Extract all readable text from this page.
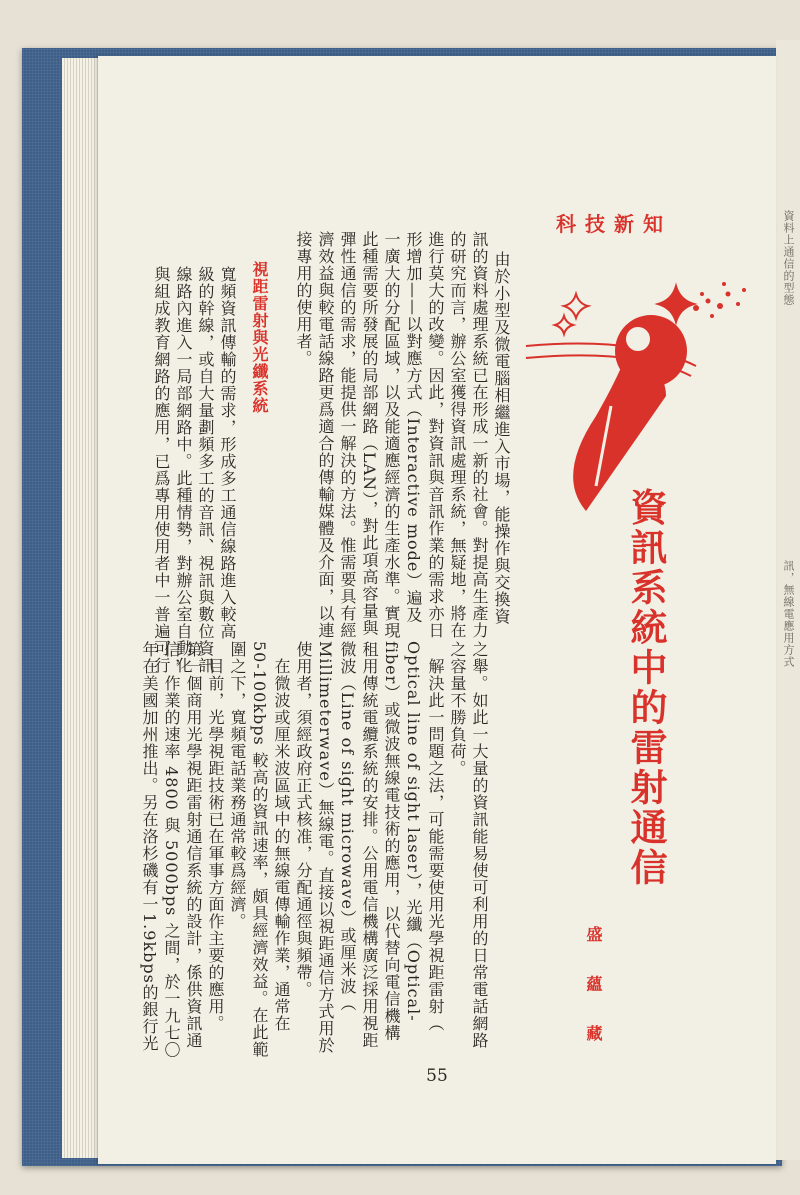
資料上通信的型態
訊，無線電應用方式
科技新知
資訊系統中的雷射通信
盛 蘊 藏
由於小型及微電腦相繼進入市場，能操作與交換資
訊的資料處理系統已在形成一新的社會。對提高生產力
的研究而言，辦公室獲得資訊處理系統，無疑地，將在
進行莫大的改變。因此，對資訊與音訊作業的需求亦日
形增加——以對應方式（Interactive mode）遍及
一廣大的分配區域，以及能適應經濟的生產水準。實現
此種需要所發展的局部網路（LAN），對此項高容量與
彈性通信的需求，能提供一解決的方法。惟需要具有經
濟效益與較電話線路更爲適合的傳輸媒體及介面，以連
接專用的使用者。
視距雷射與光纖系統
寬頻資訊傳輸的需求，形成多工通信線路進入較高
級的幹線，或自大量劃頻多工的音訊、視訊與數位資訊
線路內進入一局部網路中。此種情勢，對辦公室自動化
與組成教育網路的應用，已爲專用使用者中一普遍可行
之舉。如此一大量的資訊能易使可利用的日常電話網路
之容量不勝負荷。
解決此一問題之法，可能需要使用光學視距雷射（
Optical line of sight laser），光纖（Optical-
fiber）或微波無線電技術的應用，以代替向電信機構
租用傳統電纜系統的安排。公用電信機構廣泛採用視距
微波（Line of sight microwave）或厘米波（
Millimeterwave）無線電。直接以視距通信方式用於
使用者，須經政府正式核准，分配通徑與頻帶。
在微波或厘米波區域中的無線電傳輸作業，通常在
50-100kbps 較高的資訊速率，頗具經濟效益。在此範
圍之下，寬頻電話業務通常較爲經濟。
目前，光學視距技術已在軍事方面作主要的應用。
第一個商用光學視距雷射通信系統的設計，係供資訊通
信，作業的速率 4800 與 5000bps 之間，於一九七〇
年在美國加州推出。另在洛杉磯有一1.9kbps的銀行光
55
